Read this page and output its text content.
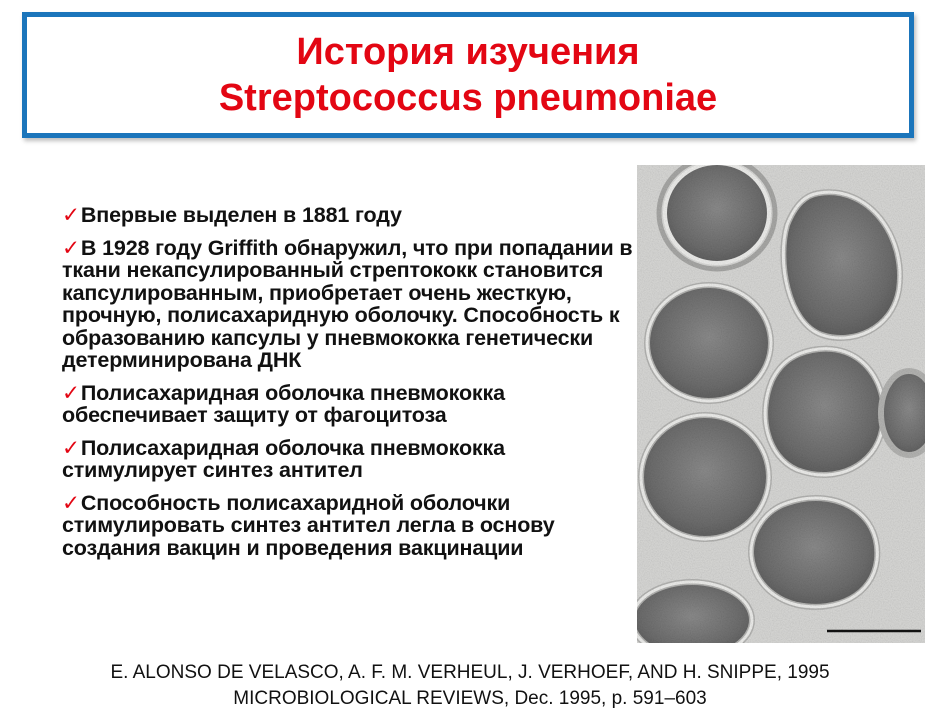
История изучения
Streptococcus pneumoniae
✓Впервые выделен в 1881 году
✓В 1928 году Griffith обнаружил, что при попадании в ткани некапсулированный стрептококк становится капсулированным, приобретает очень жесткую, прочную, полисахаридную оболочку. Способность к образованию капсулы у пневмококка генетически детерминирована ДНК
✓Полисахаридная оболочка пневмококка обеспечивает защиту от фагоцитоза
✓Полисахаридная оболочка пневмококка стимулирует синтез антител
✓Способность полисахаридной оболочки стимулировать синтез антител легла в основу создания вакцин и проведения вакцинации
E. ALONSO DE VELASCO, A. F. M. VERHEUL, J. VERHOEF, AND H. SNIPPE, 1995
MICROBIOLOGICAL REVIEWS, Dec. 1995, p. 591–603
